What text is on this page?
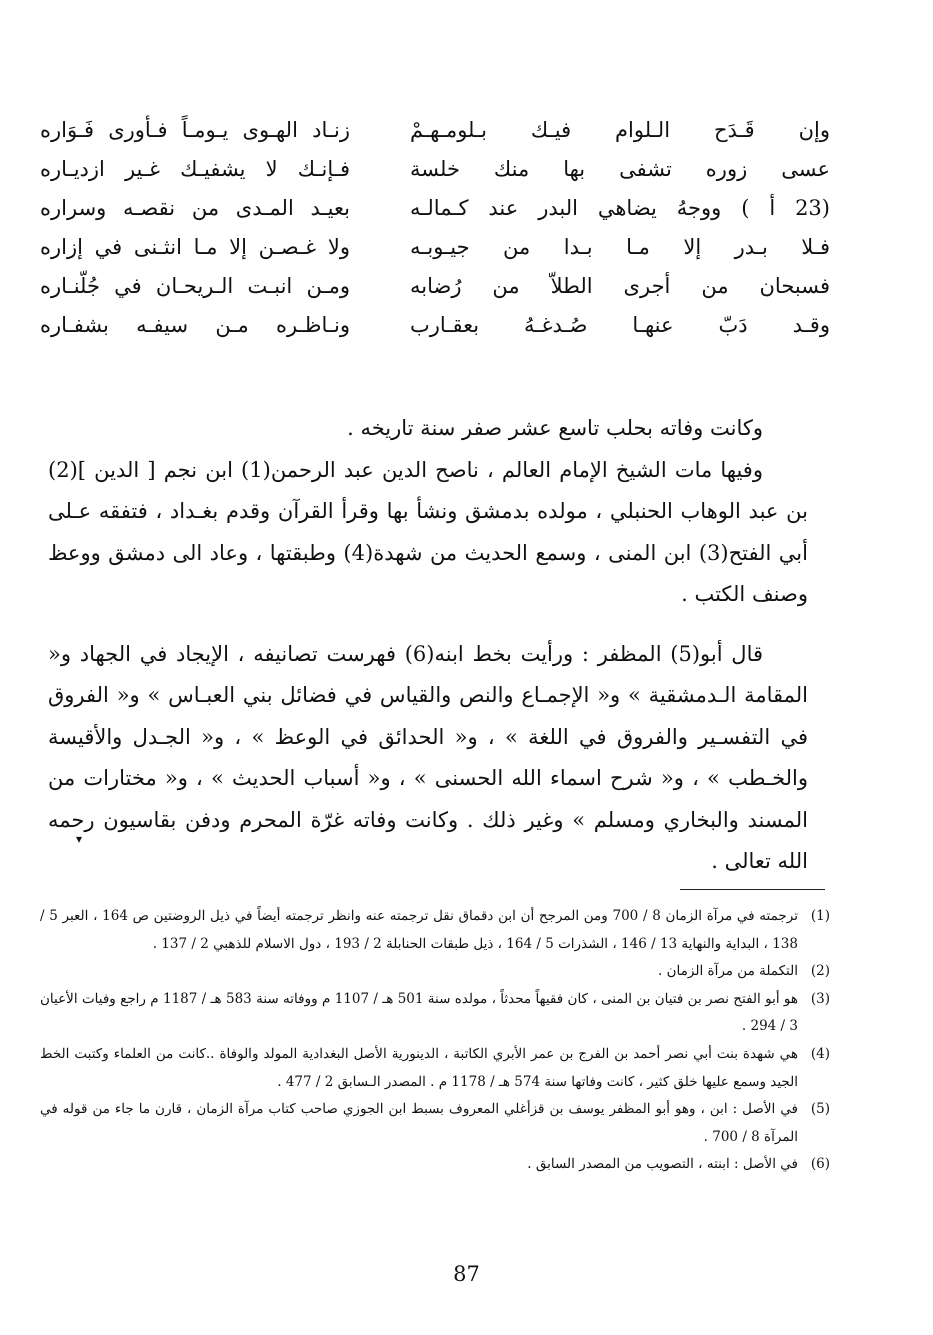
وإن قَـدَح الـلوام فيـك بـلومـهـمْ
زنـاد الهـوى يـومـاً فـأورى فَـوَاره
عسى زوره تشفى بها منك خلسة
فـإنـك لا يشفيـك غـير ازديـاره
(23 أ ) ووجهُ يضاهي البدر عند كـمالـه
بعيـد المـدى من نقصـه وسراره
فـلا بـدر إلا مـا بـدا من جيـوبـه
ولا غـصـن إلا مـا انثـنى في إزاره
فسبحان من أجرى الطلاّ من رُضابه
ومـن انبـت الـريحـان في جُلّنـاره
وقـد دَبّ عنهـا صُـدغـهُ بعقـارب
ونـاظـره مـن سيفـه بشفـاره

وكانت وفاته بحلب تاسع عشر صفر سنة تاريخه .

وفيها مات الشيخ الإمام العالم ، ناصح الدين عبد الرحمن(1) ابن نجم [ الدين ](2) بن عبد الوهاب الحنبلي ، مولده بدمشق ونشأ بها وقرأ القرآن وقدم بغـداد ، فتفقه عـلى أبي الفتح(3) ابن المنى ، وسمع الحديث من شهدة(4) وطبقتها ، وعاد الى دمشق ووعظ وصنف الكتب .

قال أبو(5) المظفر : ورأيت بخط ابنه(6) فهرست تصانيفه ، الإيجاد في الجهاد و« المقامة الـدمشقية » و« الإجمـاع والنص والقياس في فضائل بني العبـاس » و« الفروق في التفسـير والفروق في اللغة » ، و« الحدائق في الوعظ » ، و« الجـدل والأقيسة والخـطب » ، و« شرح اسماء الله الحسنى » ، و« أسباب الحديث » ، و« مختارات من المسند والبخاري ومسلم » وغير ذلك . وكانت وفاته غرّة المحرم ودفن بقاسيون رحمه الله تعالى .

▾
(1)
ترجمته في مرآة الزمان 8 / 700 ومن المرجح أن ابن دقماق نقل ترجمته عنه وانظر ترجمته أيضاً في ذيل الروضتين ص 164 ، العبر 5 / 138 ، البداية والنهاية 13 / 146 ، الشذرات 5 / 164 ، ذيل طبقات الحنابلة 2 / 193 ، دول الاسلام للذهبي 2 / 137 .
(2)
التكملة من مرآة الزمان .
(3)
هو أبو الفتح نصر بن فتيان بن المنى ، كان فقيهاً محدثاً ، مولده سنة 501 هـ / 1107 م ووفاته سنة 583 هـ / 1187 م راجع وفيات الأعيان 3 / 294 .
(4)
هي شهدة بنت أبي نصر أحمد بن الفرج بن عمر الأبري الكاتبة ، الدينورية الأصل البغدادية المولد والوفاة ..كانت من العلماء وكتبت الخط الجيد وسمع عليها خلق كثير ، كانت وفاتها سنة 574 هـ / 1178 م . المصدر الـسابق 2 / 477 .
(5)
في الأصل : ابن ، وهو أبو المظفر يوسف بن قزأغلي المعروف بسبط ابن الجوزي صاحب كتاب مرآة الزمان ، قارن ما جاء من قوله في المرآة 8 / 700 .
(6)
في الأصل : ابنته ، التصويب من المصدر السابق .
87
